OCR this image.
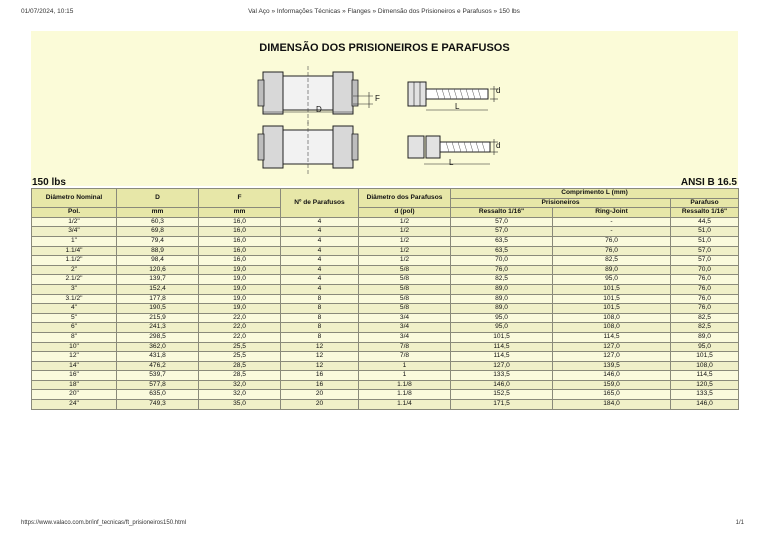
01/07/2024, 10:15	Val Aço » Informações Técnicas » Flanges » Dimensão dos Prisioneiros e Parafusos » 150 lbs
DIMENSÃO DOS PRISIONEIROS E PARAFUSOS
F
D
d
L
d
L
150 lbs	ANSI B 16.5
Diâmetro Nominal	D	F	Nº de Parafusos	Diâmetro dos Parafusos	Comprimento L (mm)		
					Prisioneiros		Parafuso
Pol.	mm	mm		d (pol)	Ressalto 1/16"	Ring-Joint	Ressalto 1/16"
1/2"	60,3	16,0	4	1/2	57,0	-	44,5
3/4"	69,8	16,0	4	1/2	57,0	-	51,0
1"	79,4	16,0	4	1/2	63,5	76,0	51,0
1.1/4"	88,9	16,0	4	1/2	63,5	76,0	57,0
1.1/2"	98,4	16,0	4	1/2	70,0	82,5	57,0
2"	120,6	19,0	4	5/8	76,0	89,0	70,0
2.1/2"	139,7	19,0	4	5/8	82,5	95,0	76,0
3"	152,4	19,0	4	5/8	89,0	101,5	76,0
3.1/2"	177,8	19,0	8	5/8	89,0	101,5	76,0
4"	190,5	19,0	8	5/8	89,0	101,5	76,0
5"	215,9	22,0	8	3/4	95,0	108,0	82,5
6"	241,3	22,0	8	3/4	95,0	108,0	82,5
8"	298,5	22,0	8	3/4	101,5	114,5	89,0
10"	362,0	25,5	12	7/8	114,5	127,0	95,0
12"	431,8	25,5	12	7/8	114,5	127,0	101,5
14"	476,2	28,5	12	1	127,0	139,5	108,0
16"	539,7	28,5	16	1	133,5	146,0	114,5
18"	577,8	32,0	16	1.1/8	146,0	159,0	120,5
20"	635,0	32,0	20	1.1/8	152,5	165,0	133,5
24"	749,3	35,0	20	1.1/4	171,5	184,0	146,0
https://www.valaco.com.br/inf_tecnicas/ft_prisioneiros150.html	1/1
